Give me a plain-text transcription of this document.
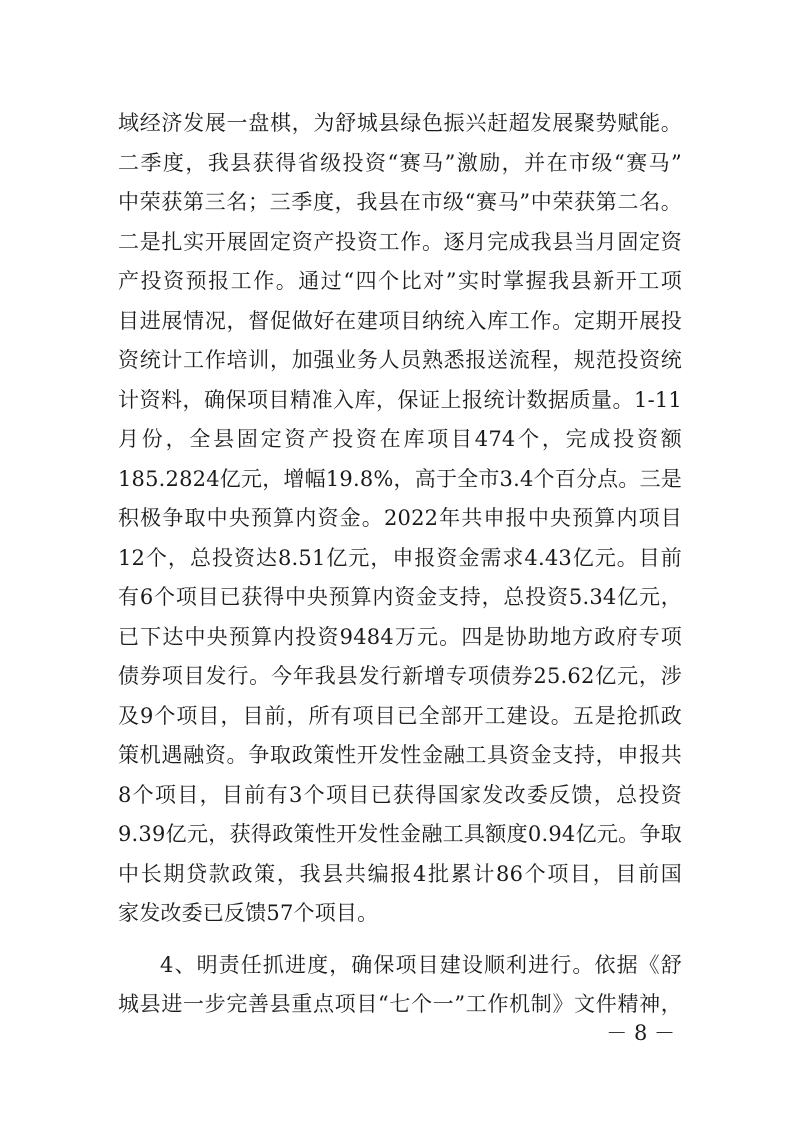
域经济发展一盘棋，为舒城县绿色振兴赶超发展聚势赋能。
二季度，我县获得省级投资“赛马”激励，并在市级“赛马”
中荣获第三名；三季度，我县在市级“赛马”中荣获第二名。
二是扎实开展固定资产投资工作。逐月完成我县当月固定资
产投资预报工作。通过“四个比对”实时掌握我县新开工项
目进展情况，督促做好在建项目纳统入库工作。定期开展投
资统计工作培训，加强业务人员熟悉报送流程，规范投资统
计资料，确保项目精准入库，保证上报统计数据质量。1-11
月份，全县固定资产投资在库项目474个，完成投资额
185.2824亿元，增幅19.8%，高于全市3.4个百分点。三是
积极争取中央预算内资金。2022年共申报中央预算内项目
12个，总投资达8.51亿元，申报资金需求4.43亿元。目前
有6个项目已获得中央预算内资金支持，总投资5.34亿元，
已下达中央预算内投资9484万元。四是协助地方政府专项
债券项目发行。今年我县发行新增专项债券25.62亿元，涉
及9个项目，目前，所有项目已全部开工建设。五是抢抓政
策机遇融资。争取政策性开发性金融工具资金支持，申报共
8个项目，目前有3个项目已获得国家发改委反馈，总投资
9.39亿元，获得政策性开发性金融工具额度0.94亿元。争取
中长期贷款政策，我县共编报4批累计86个项目，目前国
家发改委已反馈57个项目。
4、明责任抓进度，确保项目建设顺利进行。依据《舒
城县进一步完善县重点项目“七个一”工作机制》文件精神，
－ 8 －
